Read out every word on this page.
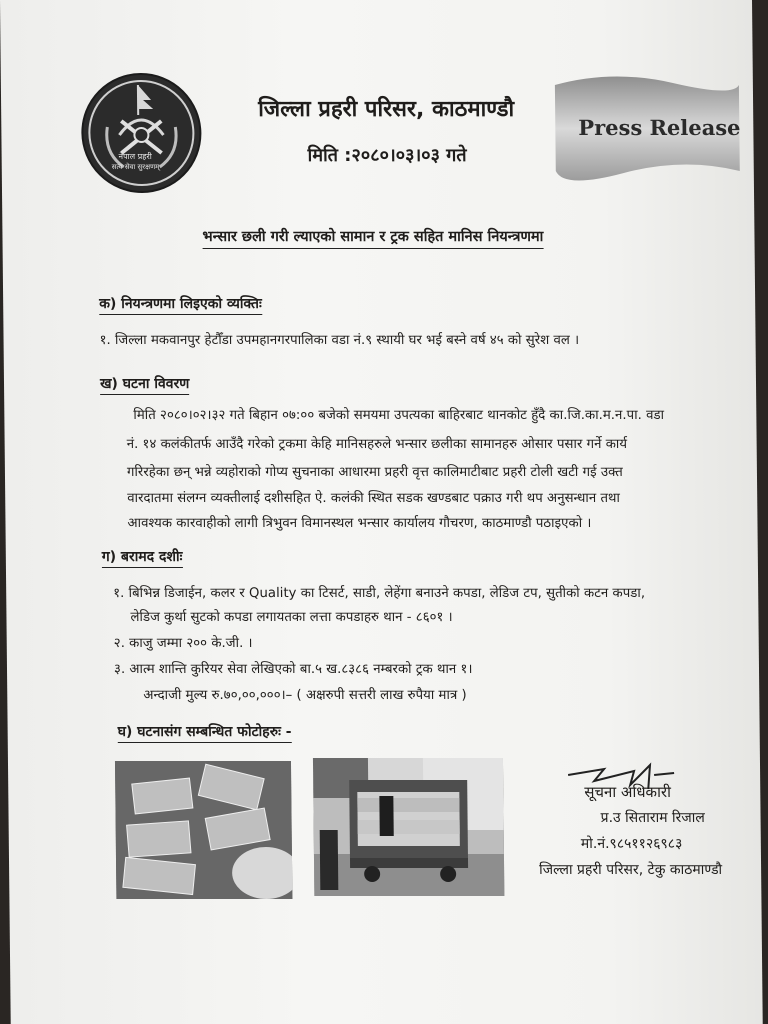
नेपाल प्रहरी
सत्य सेवा सुरक्षणम्
जिल्ला प्रहरी परिसर, काठमाण्डौ
मिति :२०८०।०३।०३ गते
Press Release
भन्सार छली गरी ल्याएको सामान र ट्रक सहित मानिस नियन्त्रणमा
क) नियन्त्रणमा लिइएको व्यक्तिः
१. जिल्ला मकवानपुर हेटौँडा उपमहानगरपालिका वडा नं.९ स्थायी घर भई बस्ने वर्ष ४५ को सुरेश वल ।
ख) घटना विवरण
मिति २०८०।०२।३२ गते बिहान ०७:०० बजेको समयमा उपत्यका बाहिरबाट थानकोट हुँदै का.जि.का.म.न.पा. वडा
नं. १४ कलंकीतर्फ आउँदै गरेको ट्रकमा केहि मानिसहरुले भन्सार छलीका सामानहरु ओसार पसार गर्ने कार्य
गरिरहेका छन् भन्ने व्यहोराको गोप्य सुचनाका आधारमा प्रहरी वृत्त कालिमाटीबाट प्रहरी टोली खटी गई उक्त
वारदातमा संलग्न व्यक्तीलाई दशीसहित ऐ. कलंकी स्थित सडक खण्डबाट पक्राउ गरी थप अनुसन्धान तथा
आवश्यक कारवाहीको लागी त्रिभुवन विमानस्थल भन्सार कार्यालय गौचरण, काठमाण्डौ पठाइएको ।
ग) बरामद दशीः
१. बिभिन्न डिजाईन, कलर र Quality का टिसर्ट, साडी, लेहेंगा बनाउने कपडा, लेडिज टप, सुतीको कटन कपडा,
लेडिज कुर्था सुटको कपडा लगायतका लत्ता कपडाहरु थान - ८६०१ ।
२. काजु जम्मा २०० के.जी. ।
३. आत्म शान्ति कुरियर सेवा लेखिएको बा.५ ख.८३८६ नम्बरको ट्रक थान १।
अन्दाजी मुल्य रु.७०,००,०००।– ( अक्षरुपी सत्तरी लाख रुपैया मात्र )
घ) घटनासंग सम्बन्धित फोटोहरुः -
सूचना अधिकारी
प्र.उ सिताराम रिजाल
मो.नं.९८५११२६९८३
जिल्ला प्रहरी परिसर, टेकु काठमाण्डौ
